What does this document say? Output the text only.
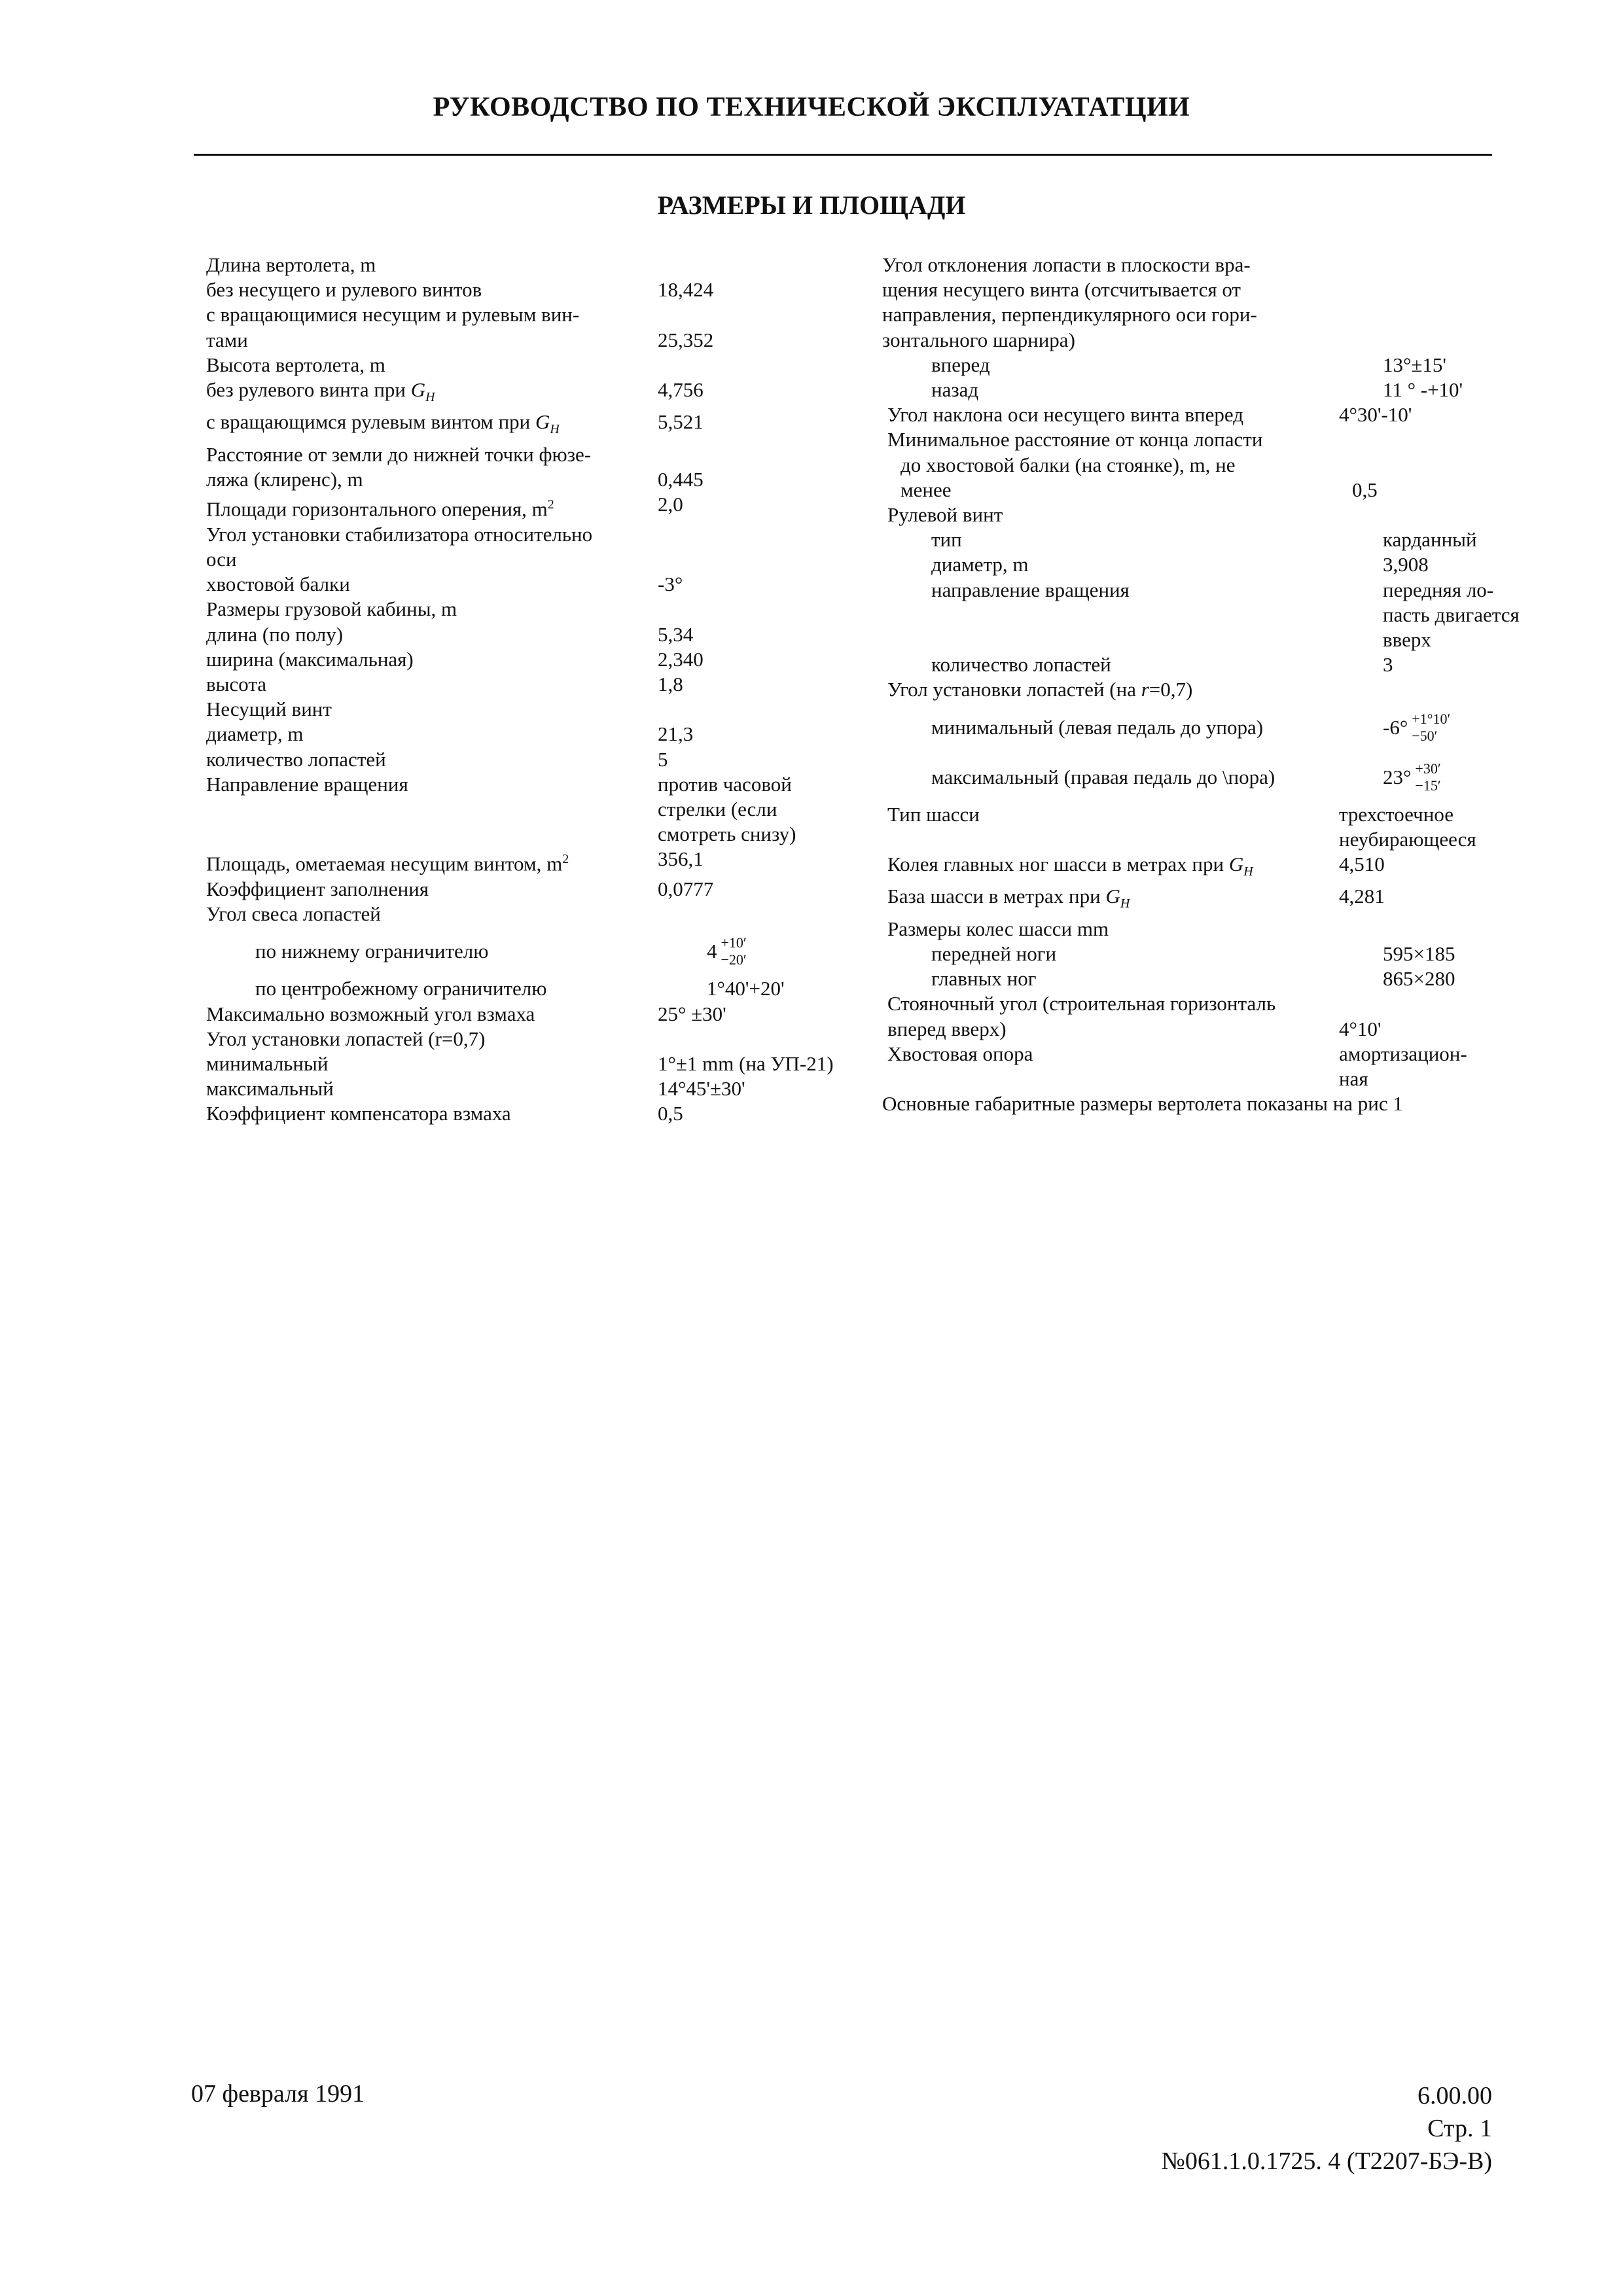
РУКОВОДСТВО ПО ТЕХНИЧЕСКОЙ ЭКСПЛУАТАТЦИИ
РАЗМЕРЫ И ПЛОЩАДИ
Длина вертолета, m
без несущего и рулевого винтов	18,424
с вращающимися несущим и рулевым вин-
тами	25,352
Высота вертолета, m
без рулевого винта при $G_H$	4,756
с вращающимся рулевым винтом при $G_H$	5,521
Расстояние от земли до нижней точки фюзе-
ляжа (клиренс), m	0,445
Площади горизонтального оперения, $m^2$	2,0
Угол установки стабилизатора относительно
оси
хвостовой балки	-3°
Размеры грузовой кабины, m
длина (по полу)	5,34
ширина (максимальная)	2,340
высота	1,8
Несущий винт
диаметр, m	21,3
количество лопастей	5
Направление вращения	против часовой стрелки (если смотреть снизу)
Площадь, ометаемая несущим винтом, $m^2$	356,1
Коэффициент заполнения	0,0777
Угол свеса лопастей
по нижнему ограничителю	4 +10′
−20′
по центробежному ограничителю	1°40'+20'
Максимально возможный угол взмаха	25° ±30'
Угол установки лопастей (r=0,7)
минимальный	1°±1 mm (на УП-21)
максимальный	14°45'±30'
Коэффициент компенсатора взмаха	0,5
Угол отклонения лопасти в плоскости вра-
щения несущего винта (отсчитывается от
направления, перпендикулярного оси гори-
зонтального шарнира)
вперед	13°±15'
назад	11 ° -+10'
Угол наклона оси несущего винта вперед	4°30'-10'
Минимальное расстояние от конца лопасти
до хвостовой балки (на стоянке), m, не
менее	0,5
Рулевой винт
тип	карданный
диаметр, m	3,908
направление вращения	передняя ло-пасть двигается вверх
количество лопастей	3
Угол установки лопастей (на r=0,7)
минимальный (левая педаль до упора)	-6° +1°10′
−50′
максимальный (правая педаль до \пора)	23° +30′
−15′
Тип шасси	трехстоечное неубирающееся
Колея главных ног шасси в метрах при $G_H$	4,510
База шасси в метрах при $G_H$	4,281
Размеры колес шасси mm
передней ноги	595×185
главных ног	865×280
Стояночный угол (строительная горизонталь
вперед вверх)	4°10'
Хвостовая опора	амортизацион-ная
Основные габаритные размеры вертолета показаны на рис 1
07 февраля 1991	6.00.00
Стр. 1
№061.1.0.1725. 4 (Т2207-БЭ-В)
